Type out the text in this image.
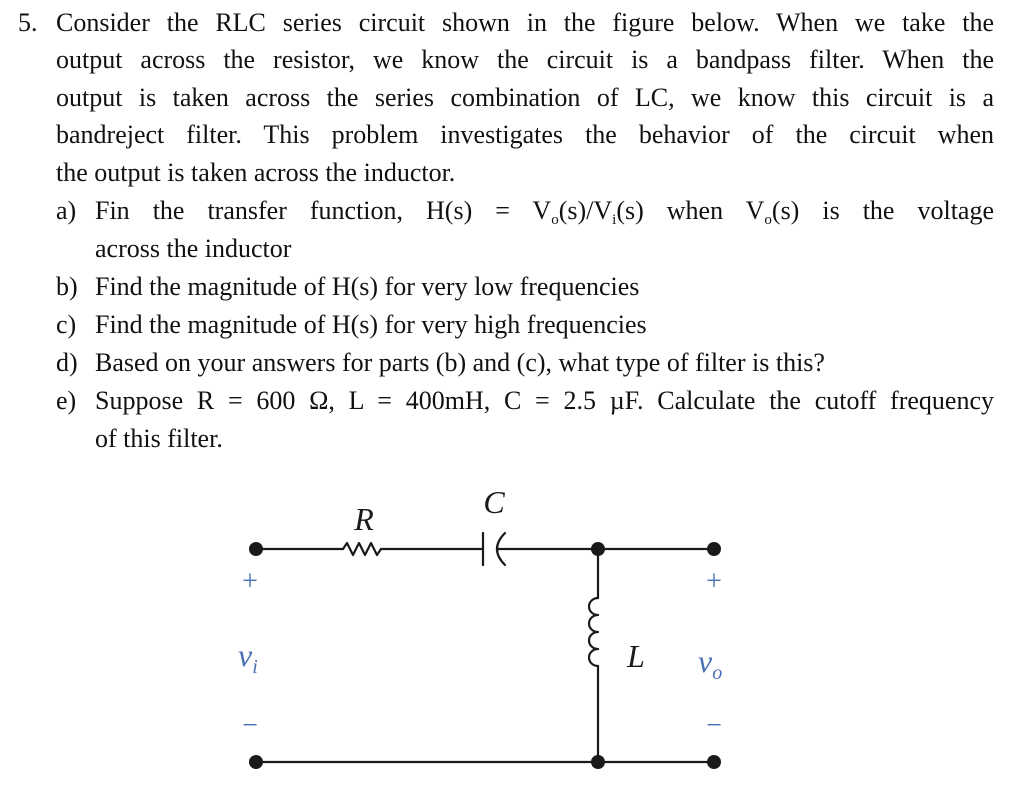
5. Consider the RLC series circuit shown in the figure below. When we take the
output across the resistor, we know the circuit is a bandpass filter. When the
output is taken across the series combination of LC, we know this circuit is a
bandreject filter. This problem investigates the behavior of the circuit when
the output is taken across the inductor.
a) Fin the transfer function, $H(s) = V_o(s)/V_i(s)$ when $V_o(s)$ is the voltage
across the inductor
b) Find the magnitude of H(s) for very low frequencies
c) Find the magnitude of H(s) for very high frequencies
d) Based on your answers for parts (b) and (c), what type of filter is this?
e) Suppose R = 600 Ω, L = 400mH, C = 2.5 µF. Calculate the cutoff frequency
of this filter.
R	C
L
+
−
+
−
$v_i$	$v_o$
